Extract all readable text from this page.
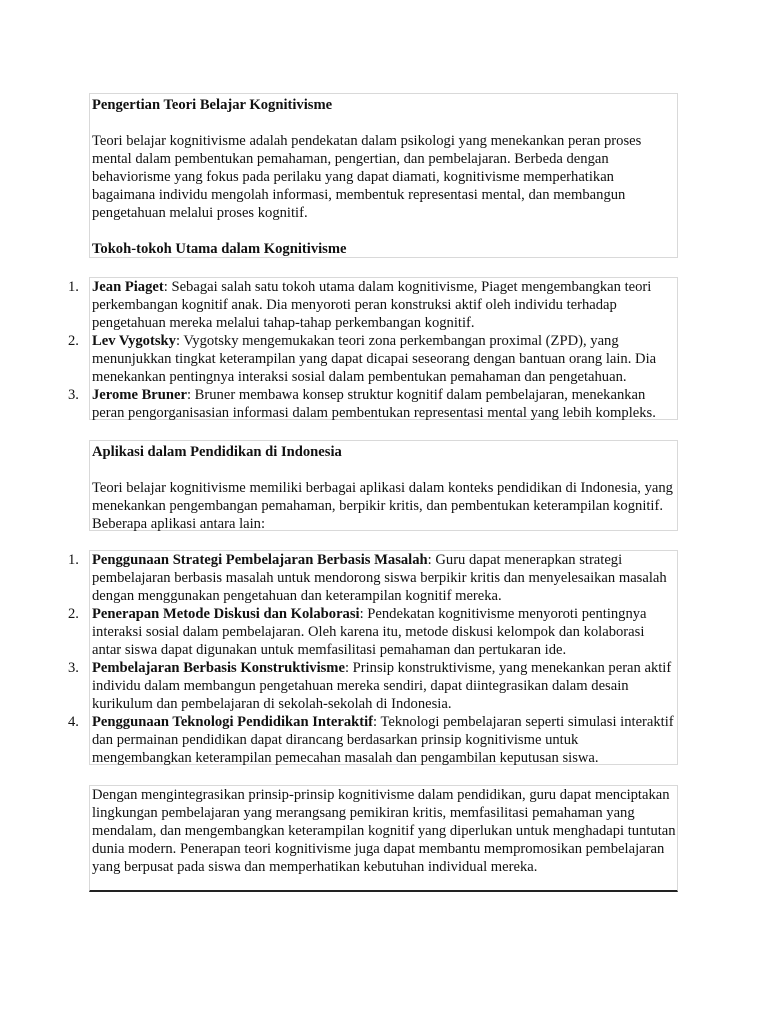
Pengertian Teori Belajar Kognitivisme

Teori belajar kognitivisme adalah pendekatan dalam psikologi yang menekankan peran proses mental dalam pembentukan pemahaman, pengertian, dan pembelajaran. Berbeda dengan behaviorisme yang fokus pada perilaku yang dapat diamati, kognitivisme memperhatikan bagaimana individu mengolah informasi, membentuk representasi mental, dan membangun pengetahuan melalui proses kognitif.

Tokoh-tokoh Utama dalam Kognitivisme

1. Jean Piaget: Sebagai salah satu tokoh utama dalam kognitivisme, Piaget mengembangkan teori perkembangan kognitif anak. Dia menyoroti peran konstruksi aktif oleh individu terhadap pengetahuan mereka melalui tahap-tahap perkembangan kognitif.
2. Lev Vygotsky: Vygotsky mengemukakan teori zona perkembangan proximal (ZPD), yang menunjukkan tingkat keterampilan yang dapat dicapai seseorang dengan bantuan orang lain. Dia menekankan pentingnya interaksi sosial dalam pembentukan pemahaman dan pengetahuan.
3. Jerome Bruner: Bruner membawa konsep struktur kognitif dalam pembelajaran, menekankan peran pengorganisasian informasi dalam pembentukan representasi mental yang lebih kompleks.

Aplikasi dalam Pendidikan di Indonesia

Teori belajar kognitivisme memiliki berbagai aplikasi dalam konteks pendidikan di Indonesia, yang menekankan pengembangan pemahaman, berpikir kritis, dan pembentukan keterampilan kognitif. Beberapa aplikasi antara lain:

1. Penggunaan Strategi Pembelajaran Berbasis Masalah: Guru dapat menerapkan strategi pembelajaran berbasis masalah untuk mendorong siswa berpikir kritis dan menyelesaikan masalah dengan menggunakan pengetahuan dan keterampilan kognitif mereka.
2. Penerapan Metode Diskusi dan Kolaborasi: Pendekatan kognitivisme menyoroti pentingnya interaksi sosial dalam pembelajaran. Oleh karena itu, metode diskusi kelompok dan kolaborasi antar siswa dapat digunakan untuk memfasilitasi pemahaman dan pertukaran ide.
3. Pembelajaran Berbasis Konstruktivisme: Prinsip konstruktivisme, yang menekankan peran aktif individu dalam membangun pengetahuan mereka sendiri, dapat diintegrasikan dalam desain kurikulum dan pembelajaran di sekolah-sekolah di Indonesia.
4. Penggunaan Teknologi Pendidikan Interaktif: Teknologi pembelajaran seperti simulasi interaktif dan permainan pendidikan dapat dirancang berdasarkan prinsip kognitivisme untuk mengembangkan keterampilan pemecahan masalah dan pengambilan keputusan siswa.

Dengan mengintegrasikan prinsip-prinsip kognitivisme dalam pendidikan, guru dapat menciptakan lingkungan pembelajaran yang merangsang pemikiran kritis, memfasilitasi pemahaman yang mendalam, dan mengembangkan keterampilan kognitif yang diperlukan untuk menghadapi tuntutan dunia modern. Penerapan teori kognitivisme juga dapat membantu mempromosikan pembelajaran yang berpusat pada siswa dan memperhatikan kebutuhan individual mereka.
